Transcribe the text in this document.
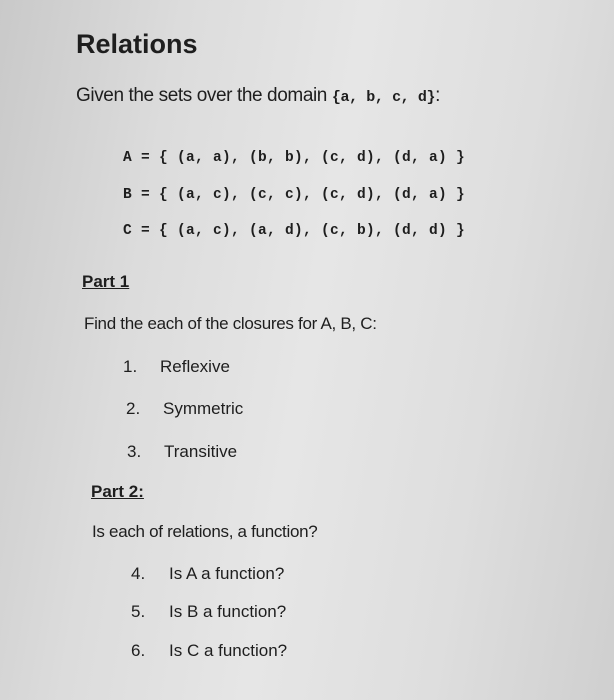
Relations
Given the sets over the domain {a, b, c, d}:
A = { (a, a), (b, b), (c, d), (d, a) }
B = { (a, c), (c, c), (c, d), (d, a) }
C = { (a, c), (a, d), (c, b), (d, d) }
Part 1
Find the each of the closures for A, B, C:
1. Reflexive
2. Symmetric
3. Transitive
Part 2:
Is each of relations, a function?
4. Is A a function?
5. Is B a function?
6. Is C a function?
